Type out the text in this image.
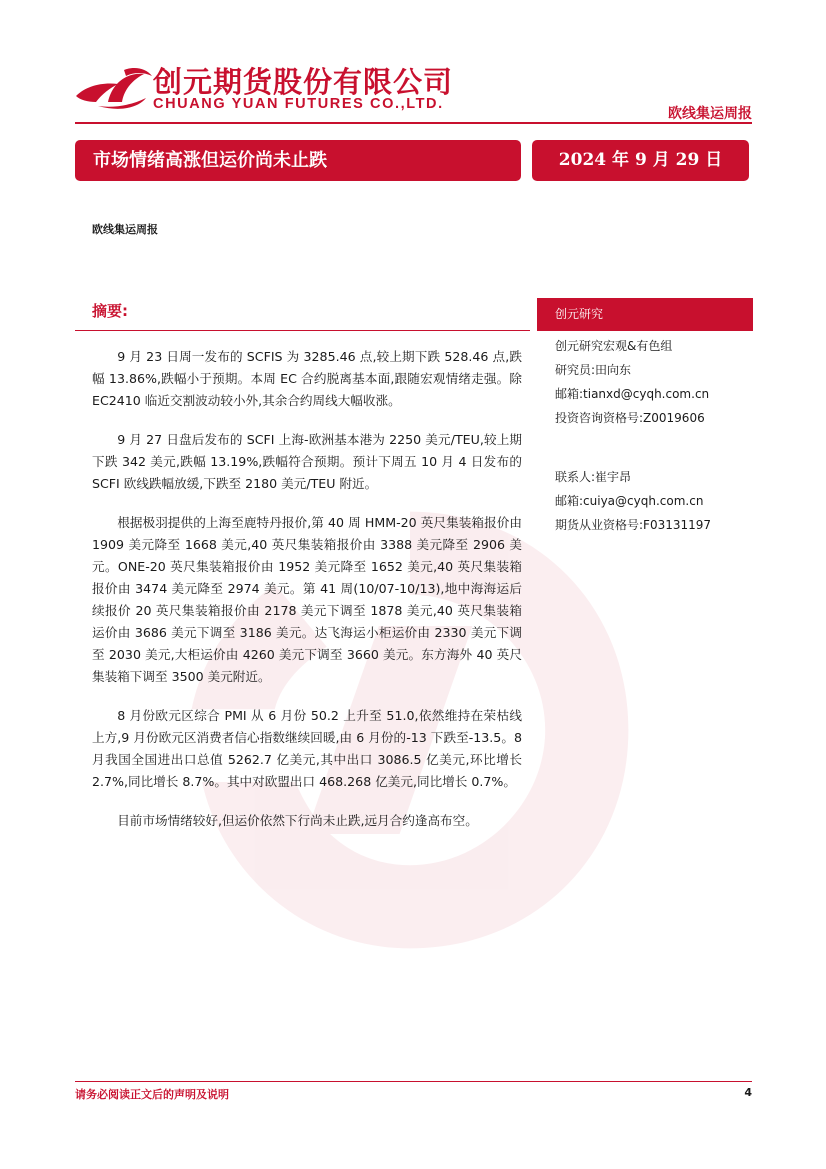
创元期货股份有限公司
CHUANG YUAN FUTURES CO.,LTD.
欧线集运周报
市场情绪高涨但运价尚未止跌	2024 年 9 月 29 日
欧线集运周报
摘要:

9 月 23 日周一发布的 SCFIS 为 3285.46 点,较上期下跌 528.46 点,跌幅 13.86%,跌幅小于预期。本周 EC 合约脱离基本面,跟随宏观情绪走强。除 EC2410 临近交割波动较小外,其余合约周线大幅收涨。

9 月 27 日盘后发布的 SCFI 上海-欧洲基本港为 2250 美元/TEU,较上期下跌 342 美元,跌幅 13.19%,跌幅符合预期。预计下周五 10 月 4 日发布的 SCFI 欧线跌幅放缓,下跌至 2180 美元/TEU 附近。

根据极羽提供的上海至鹿特丹报价,第 40 周 HMM-20 英尺集装箱报价由 1909 美元降至 1668 美元,40 英尺集装箱报价由 3388 美元降至 2906 美元。ONE-20 英尺集装箱报价由 1952 美元降至 1652 美元,40 英尺集装箱报价由 3474 美元降至 2974 美元。第 41 周(10/07-10/13),地中海海运后续报价 20 英尺集装箱报价由 2178 美元下调至 1878 美元,40 英尺集装箱运价由 3686 美元下调至 3186 美元。达飞海运小柜运价由 2330 美元下调至 2030 美元,大柜运价由 4260 美元下调至 3660 美元。东方海外 40 英尺集装箱下调至 3500 美元附近。

8 月份欧元区综合 PMI 从 6 月份 50.2 上升至 51.0,依然维持在荣枯线上方,9 月份欧元区消费者信心指数继续回暖,由 6 月份的-13 下跌至-13.5。8 月我国全国进出口总值 5262.7 亿美元,其中出口 3086.5 亿美元,环比增长 2.7%,同比增长 8.7%。其中对欧盟出口 468.268 亿美元,同比增长 0.7%。

目前市场情绪较好,但运价依然下行尚未止跌,远月合约逢高布空。

创元研究
创元研究宏观&有色组
研究员:田向东
邮箱:tianxd@cyqh.com.cn
投资咨询资格号:Z0019606
联系人:崔宇昂
邮箱:cuiya@cyqh.com.cn
期货从业资格号:F03131197
请务必阅读正文后的声明及说明	4
